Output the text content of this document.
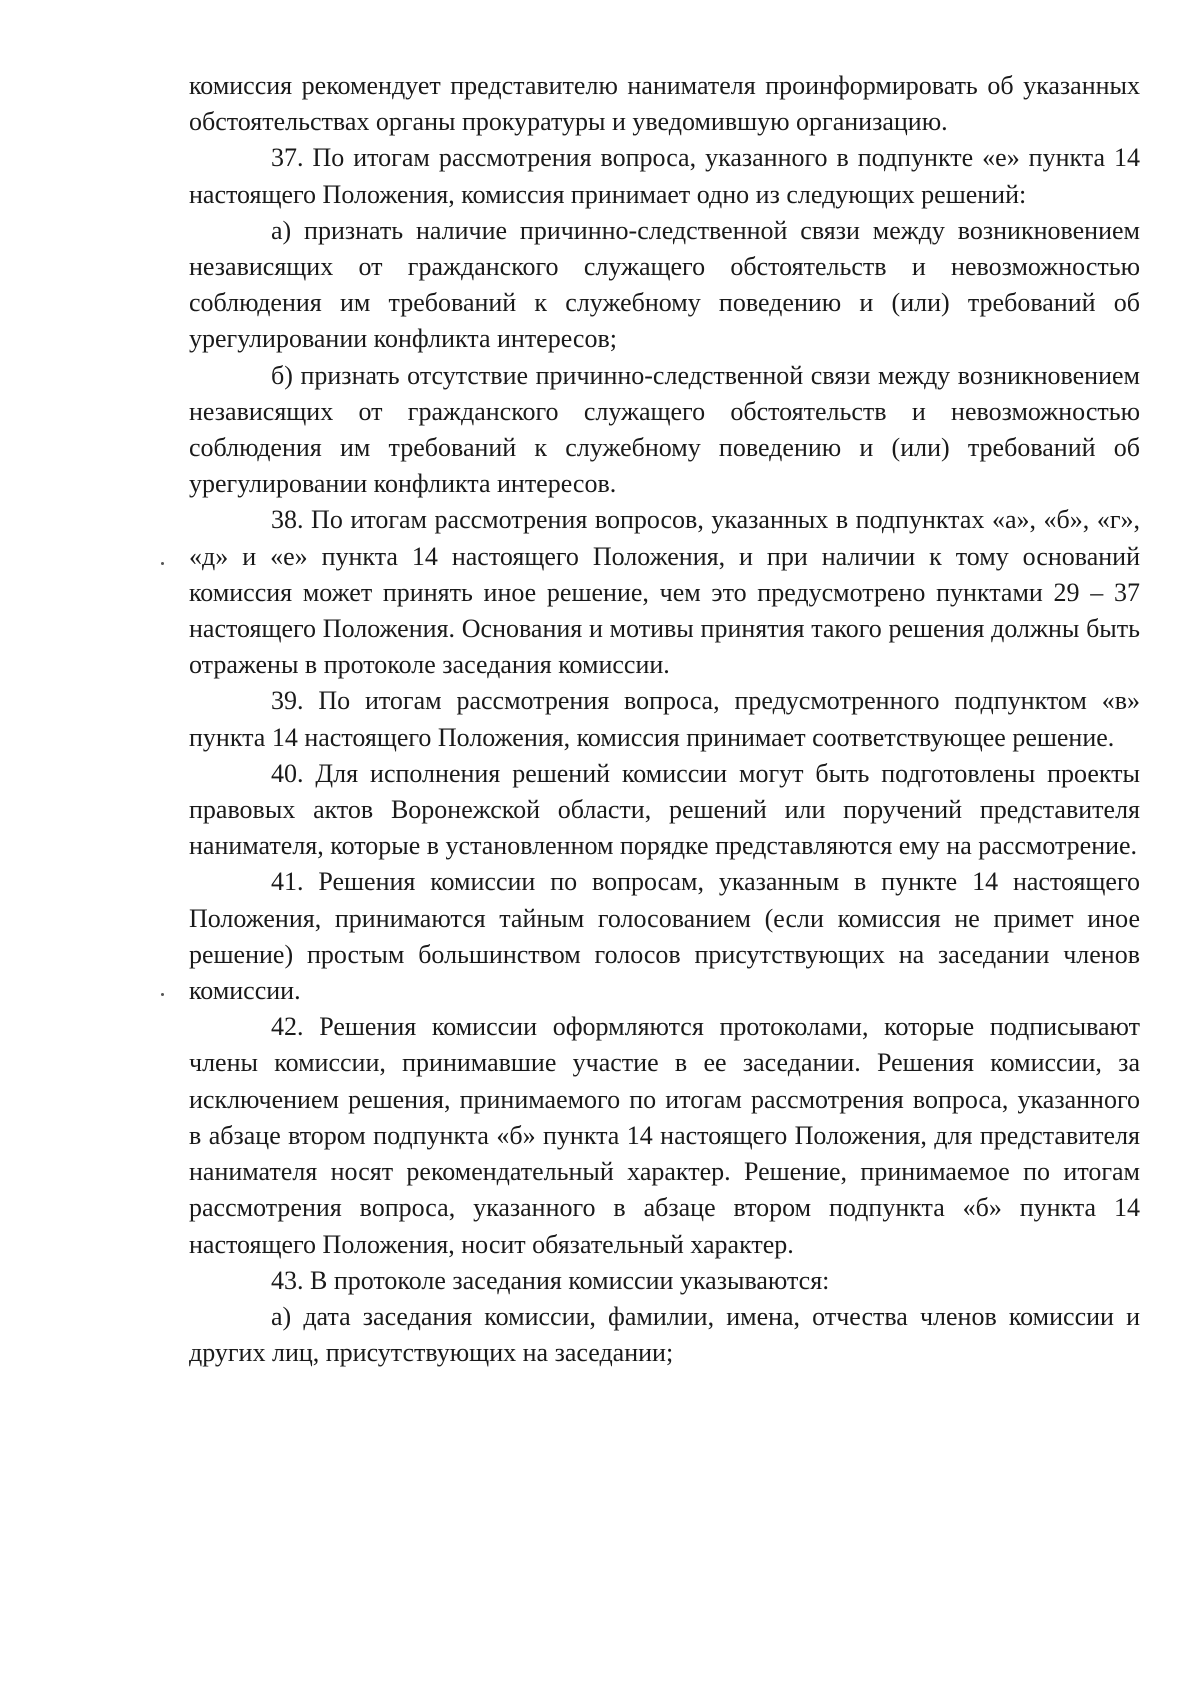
комиссия рекомендует представителю нанимателя проинформировать об указанных обстоятельствах органы прокуратуры и уведомившую организацию.

37. По итогам рассмотрения вопроса, указанного в подпункте «е» пункта 14 настоящего Положения, комиссия принимает одно из следующих решений:

а) признать наличие причинно-следственной связи между возникновением независящих от гражданского служащего обстоятельств и невозможностью соблюдения им требований к служебному поведению и (или) требований об урегулировании конфликта интересов;

б) признать отсутствие причинно-следственной связи между возникновением независящих от гражданского служащего обстоятельств и невозможностью соблюдения им требований к служебному поведению и (или) требований об урегулировании конфликта интересов.

38. По итогам рассмотрения вопросов, указанных в подпунктах «а», «б», «г», «д» и «е» пункта 14 настоящего Положения, и при наличии к тому оснований комиссия может принять иное решение, чем это предусмотрено пунктами 29 – 37 настоящего Положения. Основания и мотивы принятия такого решения должны быть отражены в протоколе заседания комиссии.

39. По итогам рассмотрения вопроса, предусмотренного подпунктом «в» пункта 14 настоящего Положения, комиссия принимает соответствующее решение.

40. Для исполнения решений комиссии могут быть подготовлены проекты правовых актов Воронежской области, решений или поручений представителя нанимателя, которые в установленном порядке представляются ему на рассмотрение.

41. Решения комиссии по вопросам, указанным в пункте 14 настоящего Положения, принимаются тайным голосованием (если комиссия не примет иное решение) простым большинством голосов присутствующих на заседании членов комиссии.

42. Решения комиссии оформляются протоколами, которые подписывают члены комиссии, принимавшие участие в ее заседании. Решения комиссии, за исключением решения, принимаемого по итогам рассмотрения вопроса, указанного в абзаце втором подпункта «б» пункта 14 настоящего Положения, для представителя нанимателя носят рекомендательный характер. Решение, принимаемое по итогам рассмотрения вопроса, указанного в абзаце втором подпункта «б» пункта 14 настоящего Положения, носит обязательный характер.

43. В протоколе заседания комиссии указываются:

а) дата заседания комиссии, фамилии, имена, отчества членов комиссии и других лиц, присутствующих на заседании;
